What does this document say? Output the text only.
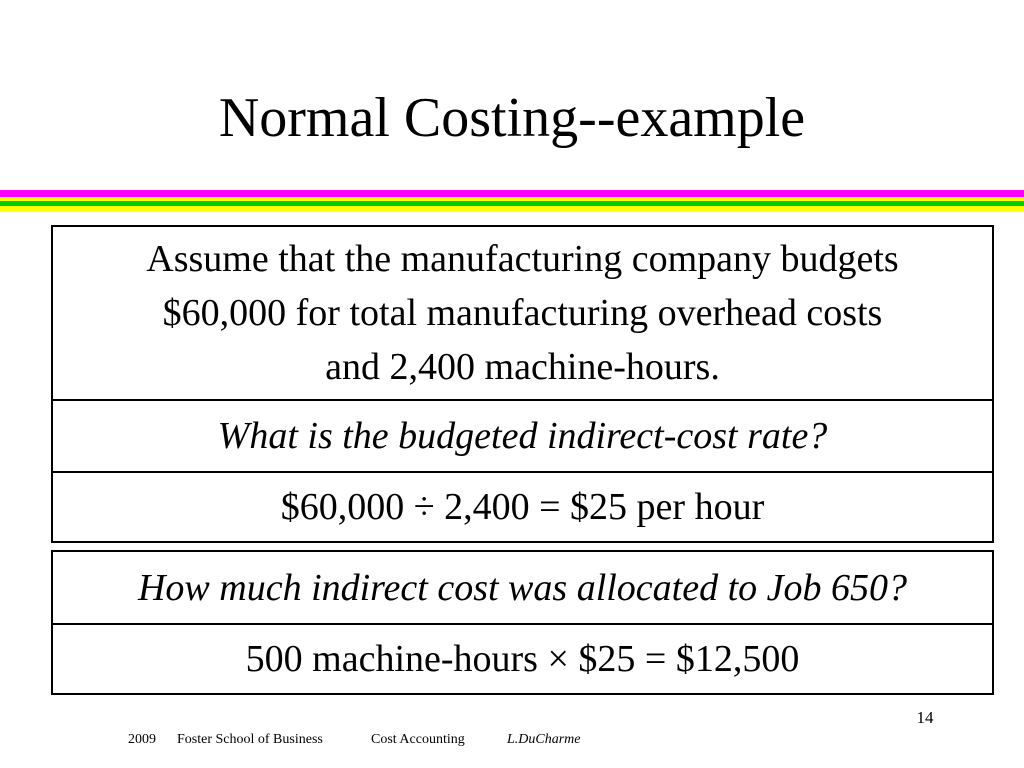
Normal Costing--example
Assume that the manufacturing company budgets
$60,000 for total manufacturing overhead costs
and 2,400 machine-hours.
What is the budgeted indirect-cost rate?
$60,000 ÷ 2,400 = $25 per hour
How much indirect cost was allocated to Job 650?
500 machine-hours × $25 = $12,500
14
2009 Foster School of Business	Cost Accounting	L.DuCharme
